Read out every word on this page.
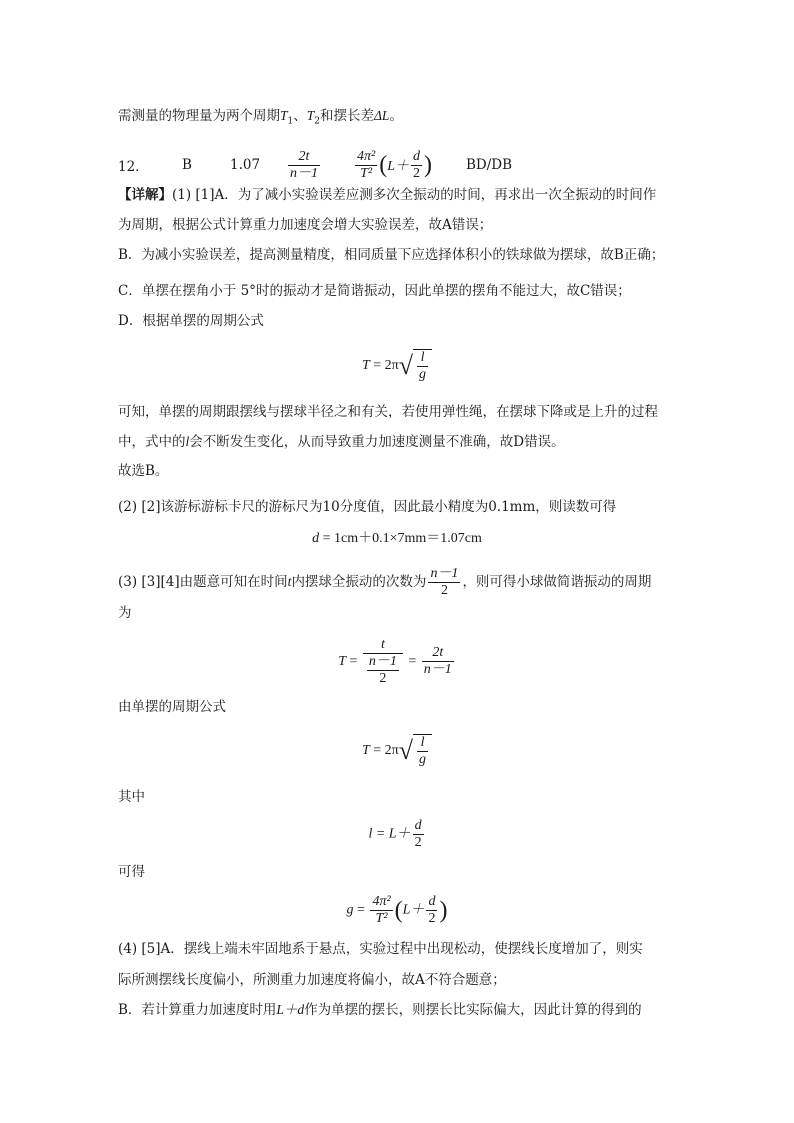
需测量的物理量为两个周期$T_1$、$T_2$和摆长差ΔL。
12． B	$1.07 \frac{2t}{n-1}$	$\frac{\text{4π²}}{\text{T²}}$ ( $L+ \frac{d}{2}$ )	BD/DB
【详解】(1) [1]A．为了减小实验误差应测多次全振动的时间，再求出一次全振动的时间作
为周期，根据公式计算重力加速度会增大实验误差，故A错误；
B．为减小实验误差，提高测量精度，相同质量下应选择体积小的铁球做为摆球，故B正确；
C．单摆在摆角小于 5°时的振动才是简谐振动，因此单摆的摆角不能过大，故C错误；
D．根据单摆的周期公式
$T = 2\pi√ \frac{l}{g}$
可知，单摆的周期跟摆线与摆球半径之和有关，若使用弹性绳，在摆球下降或是上升的过程
中，式中的l会不断发生变化，从而导致重力加速度测量不准确，故D错误。
故选B。
(2) [2]该游标游标卡尺的游标尺为10分度值，因此最小精度为0.1mm，则读数可得
d = 1cm＋0.1×7mm＝1.07cm
(3) [3][4]由题意可知在时间t内摆球全振动的次数为 $\frac{n-1}{2}$ ，则可得小球做简谐振动的周期
为
$T = \frac{t}{\frac{n-1}{2}} = \frac{2t}{n-1}$
由单摆的周期公式
$T = 2\pi√ \frac{l}{g}$
其中
$l = L+ \frac{d}{2}$
可得
$g = \frac{\text{4π²}}{\text{T²}} (L+ \frac{d}{2}$ )
(4) [5]A．摆线上端未牢固地系于悬点，实验过程中出现松动，使摆线长度增加了，则实
际所测摆线长度偏小，所测重力加速度将偏小，故A不符合题意；
B．若计算重力加速度时用L＋d作为单摆的摆长，则摆长比实际偏大，因此计算的得到的
